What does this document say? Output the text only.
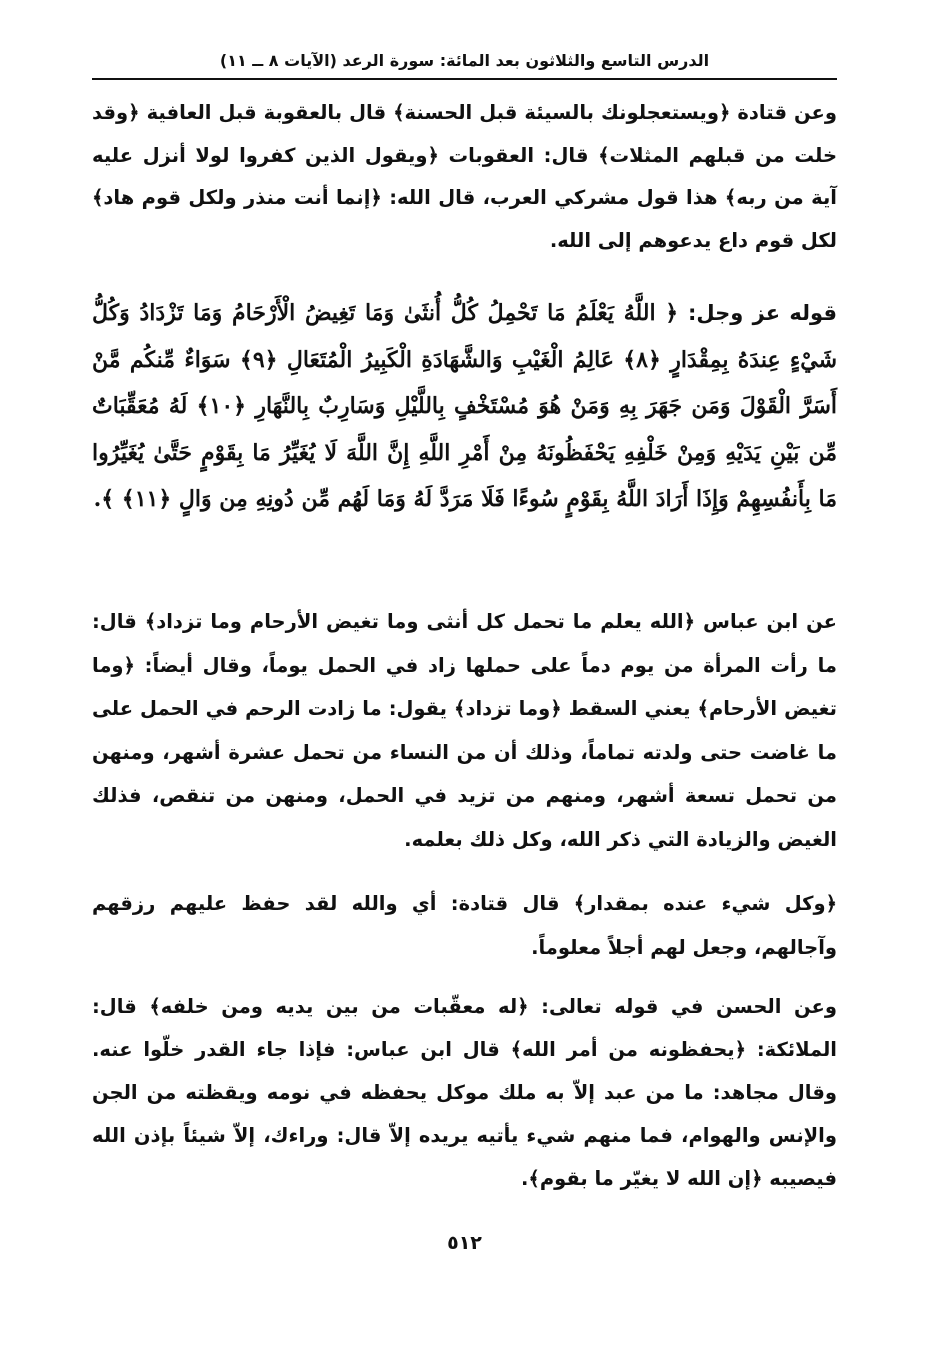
الدرس التاسع والثلاثون بعد المائة: سورة الرعد (الآيات ٨ ــ ١١)

وعن قتادة ﴿ويستعجلونك بالسيئة قبل الحسنة﴾ قال بالعقوبة قبل العافية ﴿وقد خلت من قبلهم المثلات﴾ قال: العقوبات ﴿ويقول الذين كفروا لولا أنزل عليه آية من ربه﴾ هذا قول مشركي العرب، قال الله: ﴿إنما أنت منذر ولكل قوم هاد﴾ لكل قوم داع يدعوهم إلى الله.

قوله عز وجل: ﴿ اللَّهُ يَعْلَمُ مَا تَحْمِلُ كُلُّ أُنثَىٰ وَمَا تَغِيضُ الْأَرْحَامُ وَمَا تَزْدَادُ وَكُلُّ شَيْءٍ عِندَهُ بِمِقْدَارٍ ﴿٨﴾ عَالِمُ الْغَيْبِ وَالشَّهَادَةِ الْكَبِيرُ الْمُتَعَالِ ﴿٩﴾ سَوَاءٌ مِّنكُم مَّنْ أَسَرَّ الْقَوْلَ وَمَن جَهَرَ بِهِ وَمَنْ هُوَ مُسْتَخْفٍ بِاللَّيْلِ وَسَارِبٌ بِالنَّهَارِ ﴿١٠﴾ لَهُ مُعَقِّبَاتٌ مِّن بَيْنِ يَدَيْهِ وَمِنْ خَلْفِهِ يَحْفَظُونَهُ مِنْ أَمْرِ اللَّهِ إِنَّ اللَّهَ لَا يُغَيِّرُ مَا بِقَوْمٍ حَتَّىٰ يُغَيِّرُوا مَا بِأَنفُسِهِمْ وَإِذَا أَرَادَ اللَّهُ بِقَوْمٍ سُوءًا فَلَا مَرَدَّ لَهُ وَمَا لَهُم مِّن دُونِهِ مِن وَالٍ ﴿١١﴾ ﴾.

عن ابن عباس ﴿الله يعلم ما تحمل كل أنثى وما تغيض الأرحام وما تزداد﴾ قال: ما رأت المرأة من يوم دماً على حملها زاد في الحمل يوماً، وقال أيضاً: ﴿وما تغيض الأرحام﴾ يعني السقط ﴿وما تزداد﴾ يقول: ما زادت الرحم في الحمل على ما غاضت حتى ولدته تماماً، وذلك أن من النساء من تحمل عشرة أشهر، ومنهن من تحمل تسعة أشهر، ومنهم من تزيد في الحمل، ومنهن من تنقص، فذلك الغيض والزيادة التي ذكر الله، وكل ذلك بعلمه.

﴿وكل شيء عنده بمقدار﴾ قال قتادة: أي والله لقد حفظ عليهم رزقهم وآجالهم، وجعل لهم أجلاً معلوماً.

وعن الحسن في قوله تعالى: ﴿له معقّبات من بين يديه ومن خلفه﴾ قال: الملائكة: ﴿يحفظونه من أمر الله﴾ قال ابن عباس: فإذا جاء القدر خلّوا عنه. وقال مجاهد: ما من عبد إلاّ به ملك موكل يحفظه في نومه ويقظته من الجن والإنس والهوام، فما منهم شيء يأتيه يريده إلاّ قال: وراءك، إلاّ شيئاً بإذن الله فيصيبه ﴿إن الله لا يغيّر ما بقوم﴾.

٥١٢
